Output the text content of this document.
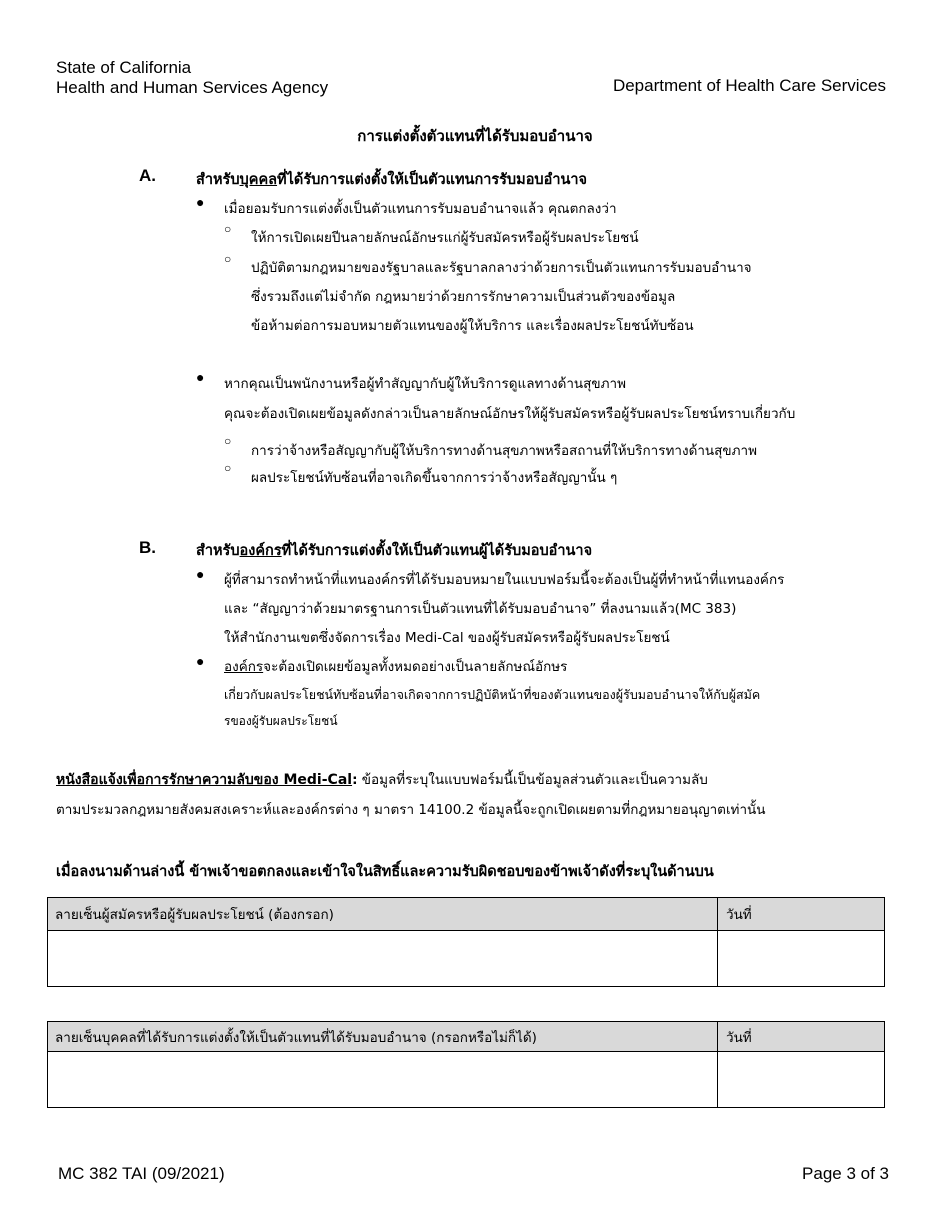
State of California
Health and Human Services Agency	Department of Health Care Services
การแต่งตั้งตัวแทนที่ได้รับมอบอำนาจ
A.	สำหรับบุคคลที่ได้รับการแต่งตั้งให้เป็นตัวแทนการรับมอบอำนาจ
● เมื่อยอมรับการแต่งตั้งเป็นตัวแทนการรับมอบอำนาจแล้ว คุณตกลงว่า
○
ให้การเปิดเผยปีนลายลักษณ์อักษรแก่ผู้รับสมัครหรือผู้รับผลประโยชน์
○
ปฏิบัติตามกฎหมายของรัฐบาลและรัฐบาลกลางว่าด้วยการเป็นตัวแทนการรับมอบอำนาจ
ซึ่งรวมถึงแต่ไม่จำกัด กฎหมายว่าด้วยการรักษาความเป็นส่วนตัวของข้อมูล
ข้อห้ามต่อการมอบหมายตัวแทนของผู้ให้บริการ และเรื่องผลประโยชน์ทับซ้อน
● หากคุณเป็นพนักงานหรือผู้ทำสัญญากับผู้ให้บริการดูแลทางด้านสุขภาพ
คุณจะต้องเปิดเผยข้อมูลดังกล่าวเป็นลายลักษณ์อักษรให้ผู้รับสมัครหรือผู้รับผลประโยชน์ทราบเกี่ยวกับ
○
การว่าจ้างหรือสัญญากับผู้ให้บริการทางด้านสุขภาพหรือสถานที่ให้บริการทางด้านสุขภาพ
○
ผลประโยชน์ทับซ้อนที่อาจเกิดขึ้นจากการว่าจ้างหรือสัญญานั้น ๆ
B.	สำหรับองค์กรที่ได้รับการแต่งตั้งให้เป็นตัวแทนผู้ได้รับมอบอำนาจ
● ผู้ที่สามารถทำหน้าที่แทนองค์กรที่ได้รับมอบหมายในแบบฟอร์มนี้จะต้องเป็นผู้ที่ทำหน้าที่แทนองค์กร
และ “สัญญาว่าด้วยมาตรฐานการเป็นตัวแทนที่ได้รับมอบอำนาจ” ที่ลงนามแล้ว(MC 383)
ให้สำนักงานเขตซึ่งจัดการเรื่อง Medi-Cal ของผู้รับสมัครหรือผู้รับผลประโยชน์
● องค์กรจะต้องเปิดเผยข้อมูลทั้งหมดอย่างเป็นลายลักษณ์อักษร
เกี่ยวกับผลประโยชน์ทับซ้อนที่อาจเกิดจากการปฏิบัติหน้าที่ของตัวแทนของผู้รับมอบอำนาจให้กับผู้สมัค
รของผู้รับผลประโยชน์
หนังสือแจ้งเพื่อการรักษาความลับของ Medi-Cal: ข้อมูลที่ระบุในแบบฟอร์มนี้เป็นข้อมูลส่วนตัวและเป็นความลับ
ตามประมวลกฎหมายสังคมสงเคราะห์และองค์กรต่าง ๆ มาตรา 14100.2 ข้อมูลนี้จะถูกเปิดเผยตามที่กฎหมายอนุญาตเท่านั้น
เมื่อลงนามด้านล่างนี้ ข้าพเจ้าขอตกลงและเข้าใจในสิทธิ์และความรับผิดชอบของข้าพเจ้าดังที่ระบุในด้านบน
ลายเซ็นผู้สมัครหรือผู้รับผลประโยชน์ (ต้องกรอก)	วันที่
ลายเซ็นบุคคลที่ได้รับการแต่งตั้งให้เป็นตัวแทนที่ได้รับมอบอำนาจ (กรอกหรือไม่ก็ได้)	วันที่
MC 382 TAI (09/2021)	Page 3 of 3
